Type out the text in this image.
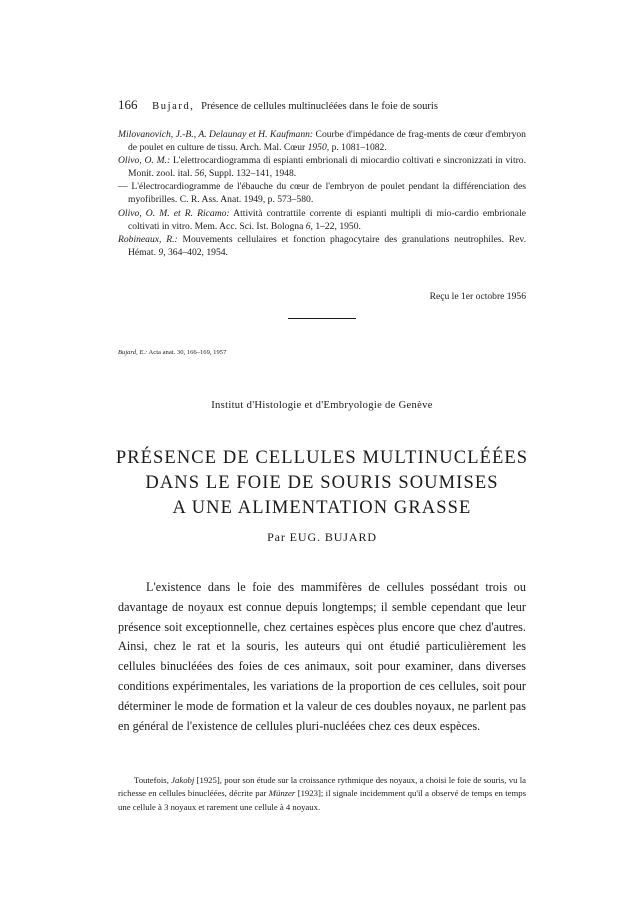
166 Bujard, Présence de cellules multinucléées dans le foie de souris
Milovanovich, J.-B., A. Delaunay et H. Kaufmann: Courbe d'impédance de frag-ments de cœur d'embryon de poulet en culture de tissu. Arch. Mal. Cœur 1950, p. 1081–1082.
Olivo, O. M.: L'elettrocardiogramma di espianti embrionali di miocardio coltivati e sincronizzati in vitro. Monit. zool. ital. 56, Suppl. 132–141, 1948.
— L'électrocardiogramme de l'ébauche du cœur de l'embryon de poulet pendant la différenciation des myofibrilles. C. R. Ass. Anat. 1949, p. 573–580.
Olivo, O. M. et R. Ricamo: Attività contrattile corrente di espianti multipli di mio-cardio embrionale coltivati in vitro. Mem. Acc. Sci. Ist. Bologna 6, 1–22, 1950.
Robineaux, R.: Mouvements cellulaires et fonction phagocytaire des granulations neutrophiles. Rev. Hémat. 9, 364–402, 1954.
Reçu le 1er octobre 1956
Bujard, E.: Acta anat. 30, 166–169, 1957
Institut d'Histologie et d'Embryologie de Genève
PRÉSENCE DE CELLULES MULTINUCLÉÉES
DANS LE FOIE DE SOURIS SOUMISES
A UNE ALIMENTATION GRASSE
Par EUG. BUJARD
L'existence dans le foie des mammifères de cellules possédant trois ou davantage de noyaux est connue depuis longtemps; il semble cependant que leur présence soit exceptionnelle, chez certaines espèces plus encore que chez d'autres. Ainsi, chez le rat et la souris, les auteurs qui ont étudié particulièrement les cellules binucléées des foies de ces animaux, soit pour examiner, dans diverses conditions expérimentales, les variations de la proportion de ces cellules, soit pour déterminer le mode de formation et la valeur de ces doubles noyaux, ne parlent pas en général de l'existence de cellules pluri-nucléées chez ces deux espèces.
Toutefois, Jakobj [1925], pour son étude sur la croissance rythmique des noyaux, a choisi le foie de souris, vu la richesse en cellules binucléées, décrite par Münzer [1923]; il signale incidemment qu'il a observé de temps en temps une cellule à 3 noyaux et rarement une cellule à 4 noyaux.
